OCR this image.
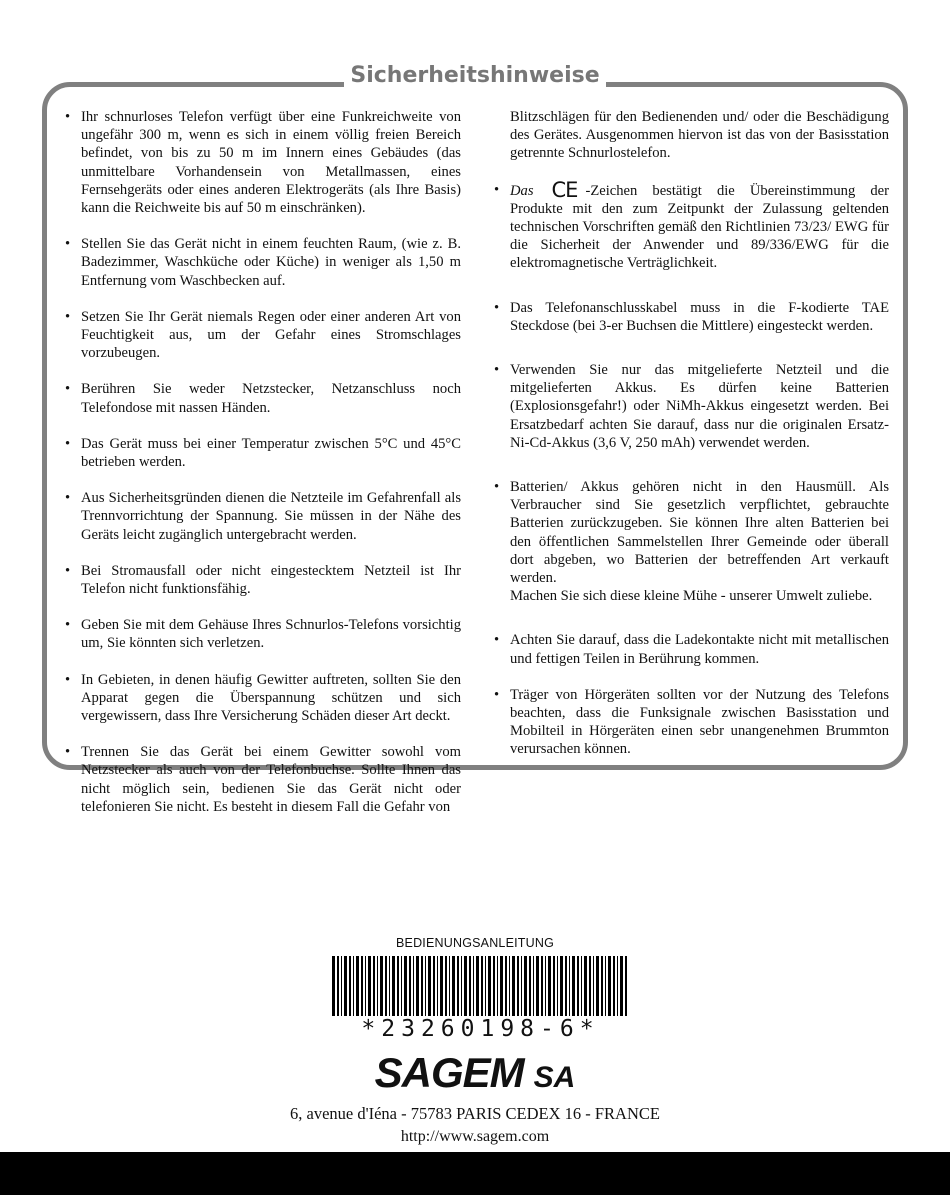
Sicherheitshinweise
• Ihr schnurloses Telefon verfügt über eine Funkreichweite von ungefähr 300 m, wenn es sich in einem völlig freien Bereich befindet, von bis zu 50 m im Innern eines Gebäudes (das unmittelbare Vorhandensein von Metallmassen, eines Fernsehgeräts oder eines anderen Elektrogeräts (als Ihre Basis) kann die Reichweite bis auf 50 m einschränken).
• Stellen Sie das Gerät nicht in einem feuchten Raum, (wie z. B. Badezimmer, Waschküche oder Küche) in weniger als 1,50 m Entfernung vom Waschbecken auf.
• Setzen Sie Ihr Gerät niemals Regen oder einer anderen Art von Feuchtigkeit aus, um der Gefahr eines Stromschlages vorzubeugen.
• Berühren Sie weder Netzstecker, Netzanschluss noch Telefondose mit nassen Händen.
• Das Gerät muss bei einer Temperatur zwischen 5°C und 45°C betrieben werden.
• Aus Sicherheitsgründen dienen die Netzteile im Gefahrenfall als Trennvorrichtung der Spannung. Sie müssen in der Nähe des Geräts leicht zugänglich untergebracht werden.
• Bei Stromausfall oder nicht eingestecktem Netzteil ist Ihr Telefon nicht funktionsfähig.
• Geben Sie mit dem Gehäuse Ihres Schnurlos-Telefons vorsichtig um, Sie könnten sich verletzen.
• In Gebieten, in denen häufig Gewitter auftreten, sollten Sie den Apparat gegen die Überspannung schützen und sich vergewissern, dass Ihre Versicherung Schäden dieser Art deckt.
• Trennen Sie das Gerät bei einem Gewitter sowohl vom Netzstecker als auch von der Telefonbuchse. Sollte Ihnen das nicht möglich sein, bedienen Sie das Gerät nicht oder telefonieren Sie nicht. Es besteht in diesem Fall die Gefahr von
Blitzschlägen für den Bedienenden und/ oder die Beschädigung des Gerätes. Ausgenommen hiervon ist das von der Basisstation getrennte Schnurlostelefon.
• Das CE -Zeichen bestätigt die Übereinstimmung der Produkte mit den zum Zeitpunkt der Zulassung geltenden technischen Vorschriften gemäß den Richtlinien 73/23/ EWG für die Sicherheit der Anwender und 89/336/EWG für die elektromagnetische Verträglichkeit.
• Das Telefonanschlusskabel muss in die F-kodierte TAE Steckdose (bei 3-er Buchsen die Mittlere) eingesteckt werden.
• Verwenden Sie nur das mitgelieferte Netzteil und die mitgelieferten Akkus. Es dürfen keine Batterien (Explosionsgefahr!) oder NiMh-Akkus eingesetzt werden. Bei Ersatzbedarf achten Sie darauf, dass nur die originalen Ersatz-Ni-Cd-Akkus (3,6 V, 250 mAh) verwendet werden.
• Batterien/ Akkus gehören nicht in den Hausmüll. Als Verbraucher sind Sie gesetzlich verpflichtet, gebrauchte Batterien zurückzugeben. Sie können Ihre alten Batterien bei den öffentlichen Sammelstellen Ihrer Gemeinde oder überall dort abgeben, wo Batterien der betreffenden Art verkauft werden.
Machen Sie sich diese kleine Mühe - unserer Umwelt zuliebe.
• Achten Sie darauf, dass die Ladekontakte nicht mit metallischen und fettigen Teilen in Berührung kommen.
• Träger von Hörgeräten sollten vor der Nutzung des Telefons beachten, dass die Funksignale zwischen Basisstation und Mobilteil in Hörgeräten einen sebr unangenehmen Brummton verursachen können.
BEDIENUNGSANLEITUNG
*23260198-6*
SAGEM SA
6, avenue d'Iéna - 75783 PARIS CEDEX 16 - FRANCE
http://www.sagem.com
